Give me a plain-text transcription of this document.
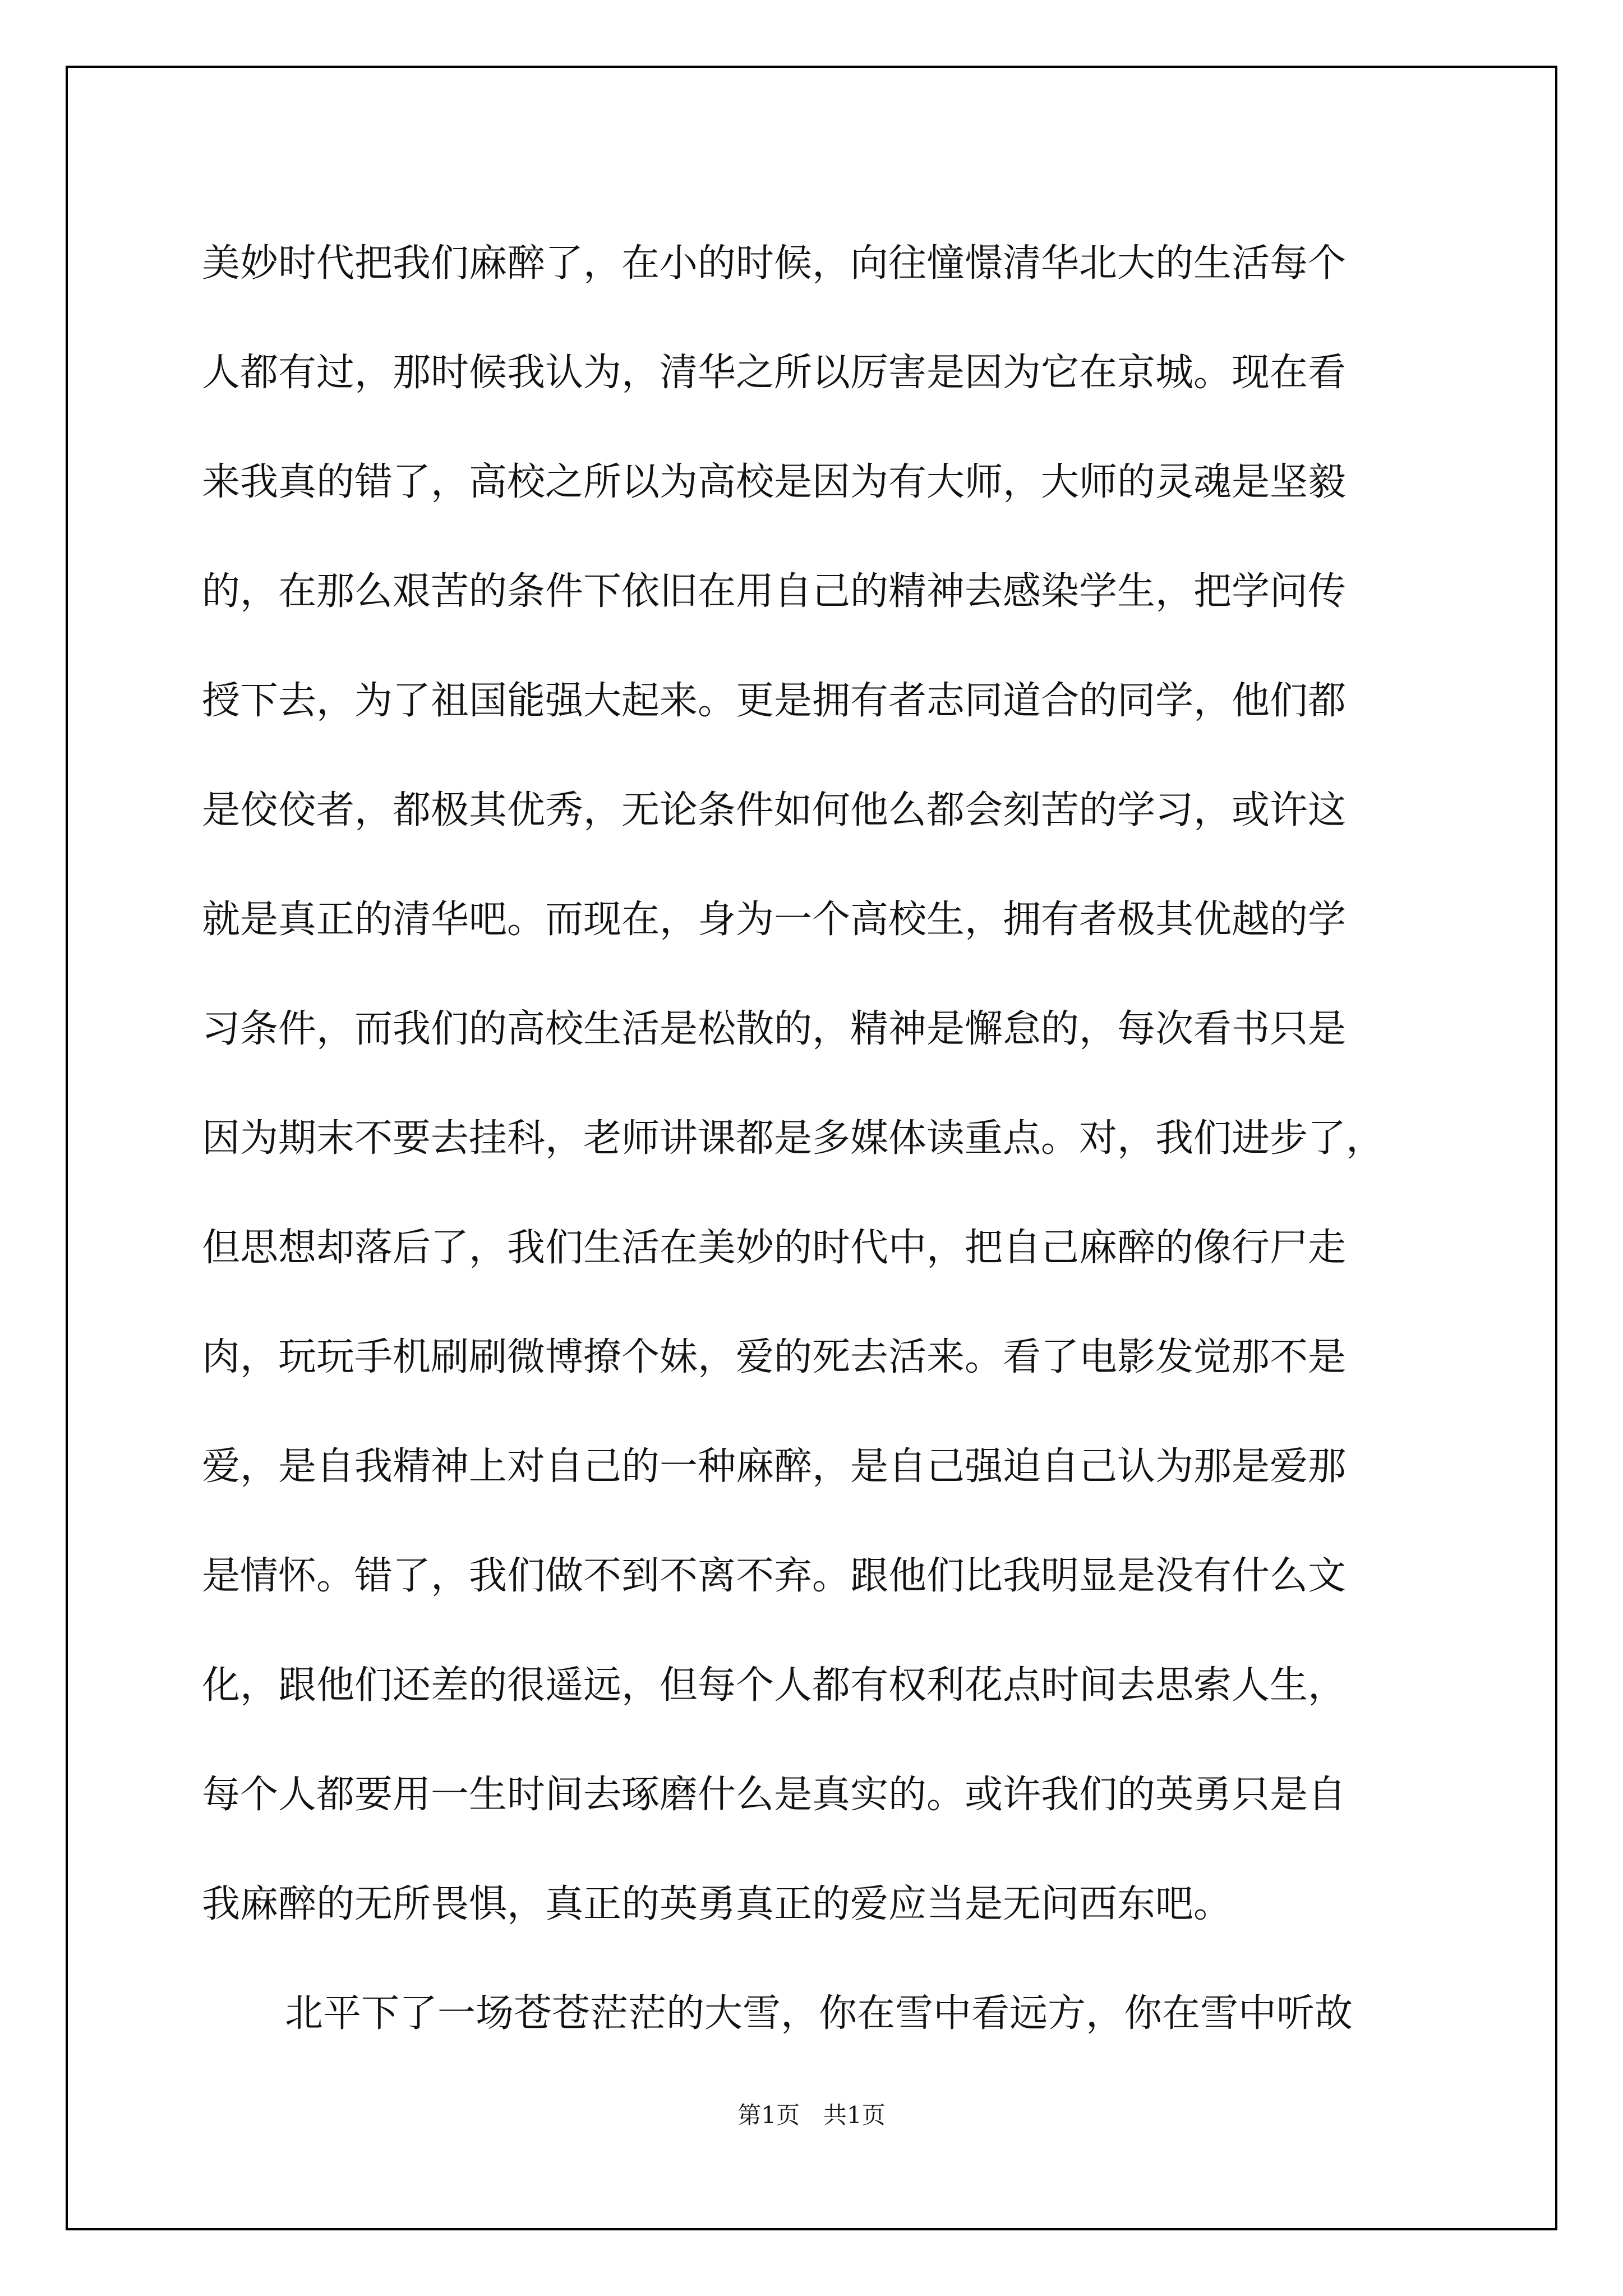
美妙时代把我们麻醉了，在小的时候，向往憧憬清华北大的生活每个
人都有过，那时候我认为，清华之所以厉害是因为它在京城。现在看
来我真的错了，高校之所以为高校是因为有大师，大师的灵魂是坚毅
的，在那么艰苦的条件下依旧在用自己的精神去感染学生，把学问传
授下去，为了祖国能强大起来。更是拥有者志同道合的同学，他们都
是佼佼者，都极其优秀，无论条件如何他么都会刻苦的学习，或许这
就是真正的清华吧。而现在，身为一个高校生，拥有者极其优越的学
习条件，而我们的高校生活是松散的，精神是懈怠的，每次看书只是
因为期末不要去挂科，老师讲课都是多媒体读重点。对，我们进步了，
但思想却落后了，我们生活在美妙的时代中，把自己麻醉的像行尸走
肉，玩玩手机刷刷微博撩个妹，爱的死去活来。看了电影发觉那不是
爱，是自我精神上对自己的一种麻醉，是自己强迫自己认为那是爱那
是情怀。错了，我们做不到不离不弃。跟他们比我明显是没有什么文
化，跟他们还差的很遥远，但每个人都有权利花点时间去思索人生，
每个人都要用一生时间去琢磨什么是真实的。或许我们的英勇只是自
我麻醉的无所畏惧，真正的英勇真正的爱应当是无问西东吧。
北平下了一场苍苍茫茫的大雪，你在雪中看远方，你在雪中听故
第1页　共1页
